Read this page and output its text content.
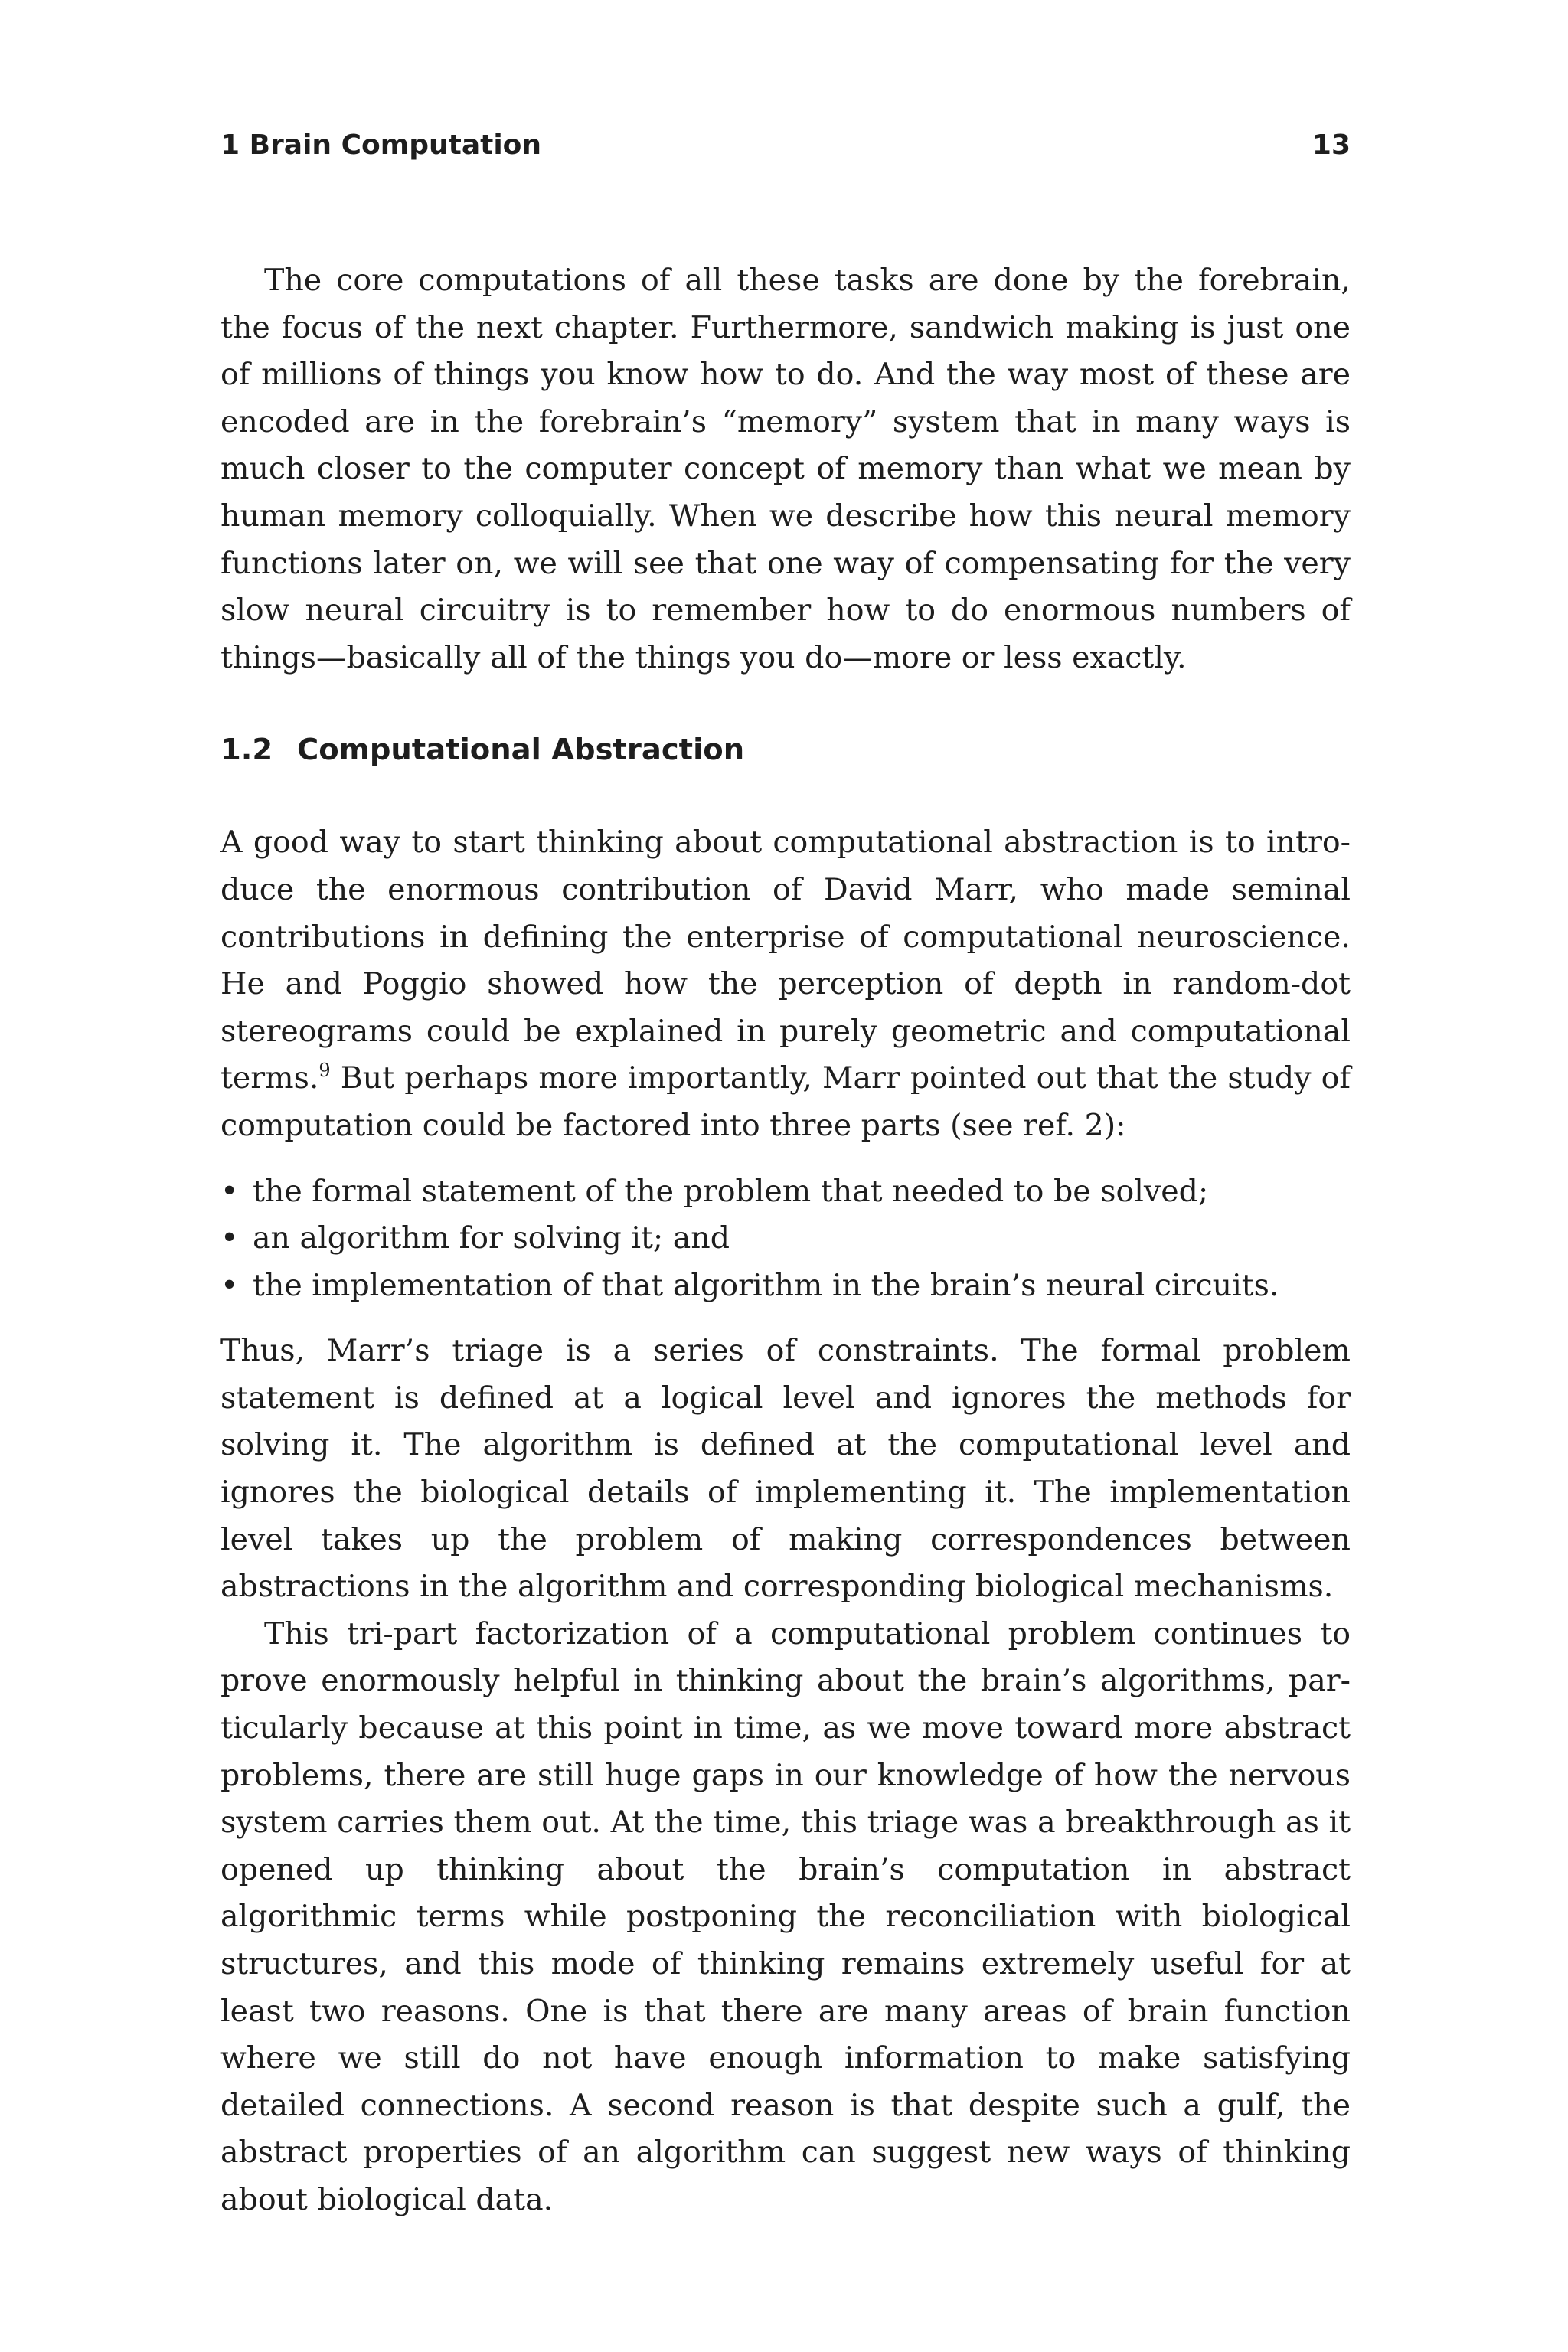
1 Brain Computation	13

The core computations of all these tasks are done by the forebrain, the focus of the next chapter. Furthermore, sandwich making is just one of millions of things you know how to do. And the way most of these are encoded are in the forebrain’s “memory” system that in many ways is much closer to the computer concept of memory than what we mean by human memory colloquially. When we describe how this neural memory functions later on, we will see that one way of compensating for the very slow neural circuitry is to remember how to do enormous numbers of things—basically all of the things you do—more or less exactly.

1.2 Computational Abstraction

A good way to start thinking about computational abstraction is to introduce the enormous contribution of David Marr, who made seminal contributions in defining the enterprise of computational neuroscience. He and Poggio showed how the perception of depth in random-dot stereograms could be explained in purely geometric and computational terms.$^9$ But perhaps more importantly, Marr pointed out that the study of computation could be factored into three parts (see ref. 2):

• the formal statement of the problem that needed to be solved;
• an algorithm for solving it; and
• the implementation of that algorithm in the brain’s neural circuits.

Thus, Marr’s triage is a series of constraints. The formal problem statement is defined at a logical level and ignores the methods for solving it. The algorithm is defined at the computational level and ignores the biological details of implementing it. The implementation level takes up the problem of making correspondences between abstractions in the algorithm and corresponding biological mechanisms.

This tri-part factorization of a computational problem continues to prove enormously helpful in thinking about the brain’s algorithms, particularly because at this point in time, as we move toward more abstract problems, there are still huge gaps in our knowledge of how the nervous system carries them out. At the time, this triage was a breakthrough as it opened up thinking about the brain’s computation in abstract algorithmic terms while postponing the reconciliation with biological structures, and this mode of thinking remains extremely useful for at least two reasons. One is that there are many areas of brain function where we still do not have enough information to make satisfying detailed connections. A second reason is that despite such a gulf, the abstract properties of an algorithm can suggest new ways of thinking about biological data.
